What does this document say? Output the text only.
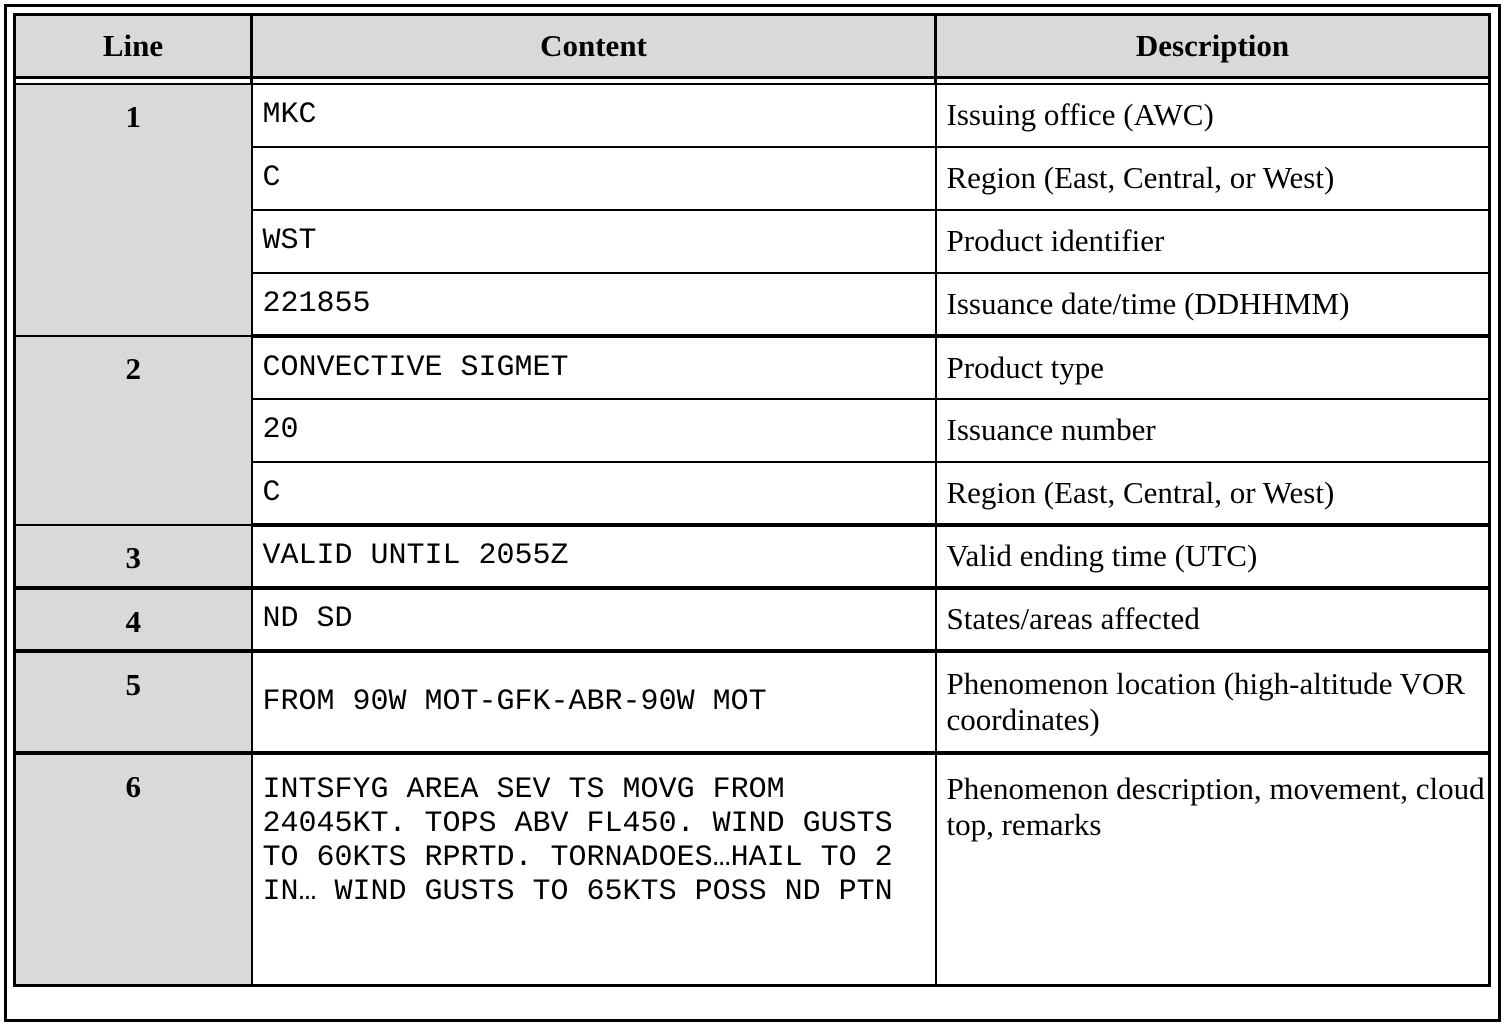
Line	Content	Description

1	MKC	Issuing office (AWC)
	C	Region (East, Central, or West)
	WST	Product identifier
	221855	Issuance date/time (DDHHMM)
2	CONVECTIVE SIGMET	Product type
	20	Issuance number
	C	Region (East, Central, or West)
3	VALID UNTIL 2055Z	Valid ending time (UTC)
4	ND SD	States/areas affected
5	FROM 90W MOT-GFK-ABR-90W MOT	Phenomenon location (high-altitude VOR coordinates)
6	INTSFYG AREA SEV TS MOVG FROM 24045KT. TOPS ABV FL450. WIND GUSTS TO 60KTS RPRTD. TORNADOES…HAIL TO 2 IN… WIND GUSTS TO 65KTS POSS ND PTN	Phenomenon description, movement, cloud top, remarks
